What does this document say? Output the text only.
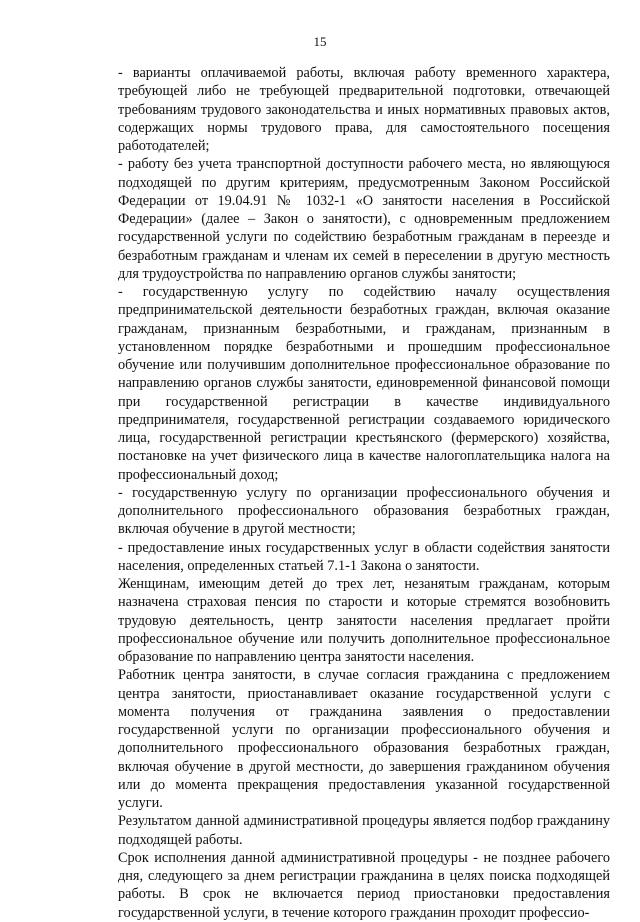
15

- варианты оплачиваемой работы, включая работу временного характера, требующей либо не требующей предварительной подготовки, отвечающей требованиям трудового законодательства и иных нормативных правовых актов, содержащих нормы трудового права, для самостоятельного посещения работодателей;

- работу без учета транспортной доступности рабочего места, но являющуюся подходящей по другим критериям, предусмотренным Законом Российской Федерации от 19.04.91 № 1032-1 «О занятости населения в Российской Федерации» (далее – Закон о занятости), с одновременным предложением государственной услуги по содействию безработным гражданам в переезде и безработным гражданам и членам их семей в переселении в другую местность для трудоустройства по направлению органов службы занятости;

- государственную услугу по содействию началу осуществления предпринимательской деятельности безработных граждан, включая оказание гражданам, признанным безработными, и гражданам, признанным в установленном порядке безработными и прошедшим профессиональное обучение или получившим дополнительное профессиональное образование по направлению органов службы занятости, единовременной финансовой помощи при государственной регистрации в качестве индивидуального предпринимателя, государственной регистрации создаваемого юридического лица, государственной регистрации крестьянского (фермерского) хозяйства, постановке на учет физического лица в качестве налогоплательщика налога на профессиональный доход;

- государственную услугу по организации профессионального обучения и дополнительного профессионального образования безработных граждан, включая обучение в другой местности;

- предоставление иных государственных услуг в области содействия занятости населения, определенных статьей 7.1-1 Закона о занятости.

Женщинам, имеющим детей до трех лет, незанятым гражданам, которым назначена страховая пенсия по старости и которые стремятся возобновить трудовую деятельность, центр занятости населения предлагает пройти профессиональное обучение или получить дополнительное профессиональное образование по направлению центра занятости населения.

Работник центра занятости, в случае согласия гражданина с предложением центра занятости, приостанавливает оказание государственной услуги с момента получения от гражданина заявления о предоставлении государственной услуги по организации профессионального обучения и дополнительного профессионального образования безработных граждан, включая обучение в другой местности, до завершения гражданином обучения или до момента прекращения предоставления указанной государственной услуги.

Результатом данной административной процедуры является подбор гражданину подходящей работы.

Срок исполнения данной административной процедуры - не позднее рабочего дня, следующего за днем регистрации гражданина в целях поиска подходящей работы. В срок не включается период приостановки предоставления государственной услуги, в течение которого гражданин проходит профессио-
